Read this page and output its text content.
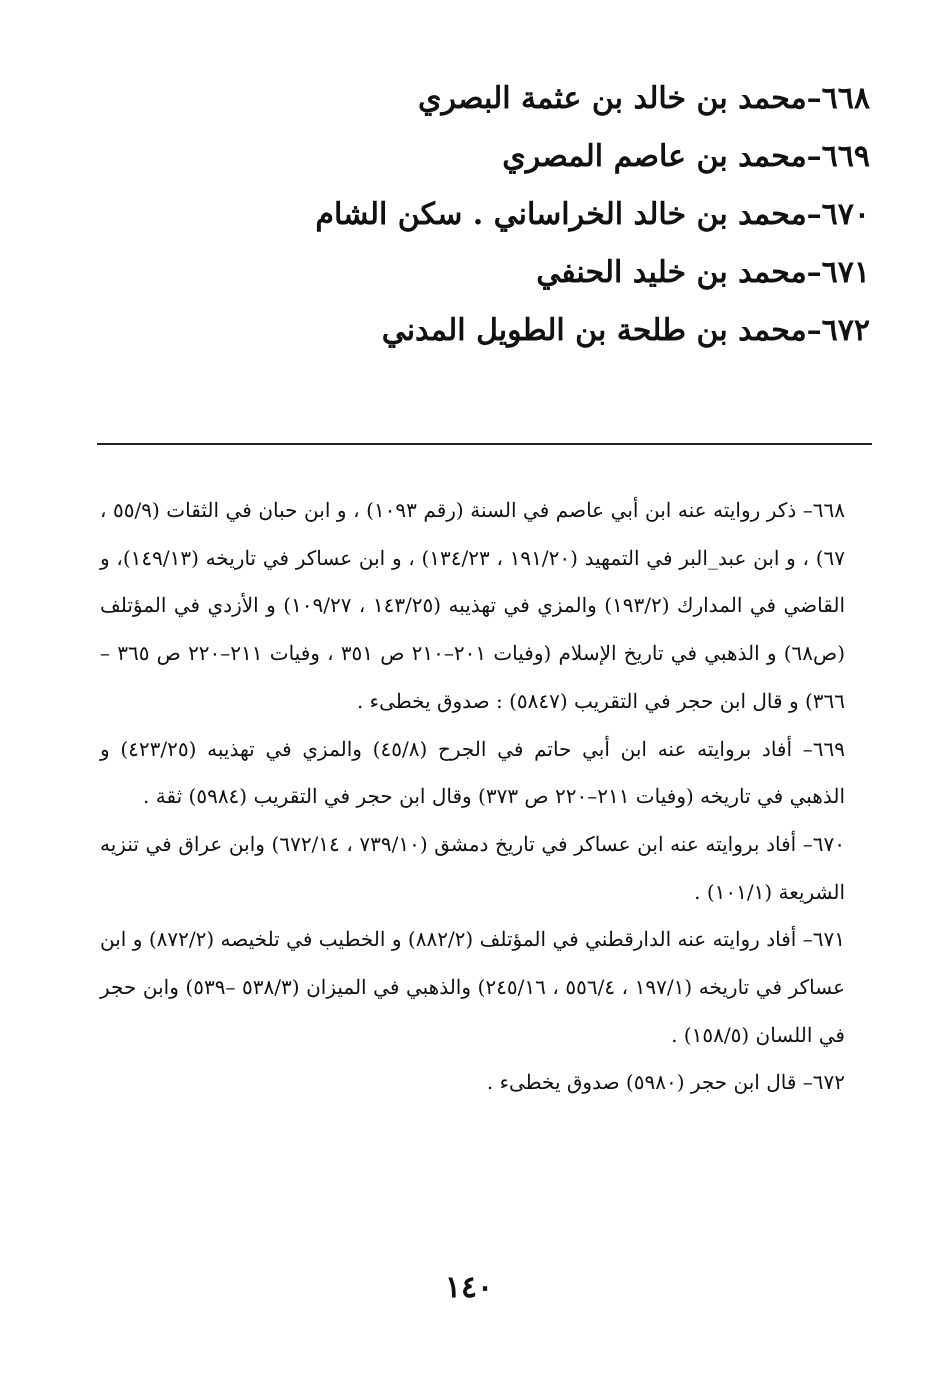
٦٦٨–محمد بن خالد بن عثمة البصري
٦٦٩–محمد بن عاصم المصري
٦٧٠–محمد بن خالد الخراساني . سكن الشام
٦٧١–محمد بن خليد الحنفي
٦٧٢–محمد بن طلحة بن الطويل المدني

٦٦٨– ذكر روايته عنه ابن أبي عاصم في السنة (رقم ١٠٩٣) ، و ابن حبان في الثقات (٥٥/٩ ، ٦٧) ، و ابن عبد_البر في التمهيد (١٩١/٢٠ ، ١٣٤/٢٣) ، و ابن عساكر في تاريخه (١٤٩/١٣)، و القاضي في المدارك (١٩٣/٢) والمزي في تهذيبه (١٤٣/٢٥ ، ١٠٩/٢٧) و الأزدي في المؤتلف (ص٦٨) و الذهبي في تاريخ الإسلام (وفيات ٢٠١–٢١٠ ص ٣٥١ ، وفيات ٢١١–٢٢٠ ص ٣٦٥ –٣٦٦) و قال ابن حجر في التقريب (٥٨٤٧) : صدوق يخطىء .

٦٦٩– أفاد بروايته عنه ابن أبي حاتم في الجرح (٤٥/٨) والمزي في تهذيبه (٤٢٣/٢٥) و الذهبي في تاريخه (وفيات ٢١١–٢٢٠ ص ٣٧٣) وقال ابن حجر في التقريب (٥٩٨٤) ثقة .

٦٧٠– أفاد بروايته عنه ابن عساكر في تاريخ دمشق (٧٣٩/١٠ ، ٦٧٢/١٤) وابن عراق في تنزيه الشريعة (١٠١/١) .

٦٧١– أفاد روايته عنه الدارقطني في المؤتلف (٨٨٢/٢) و الخطيب في تلخيصه (٨٧٢/٢) و ابن عساكر في تاريخه (١٩٧/١ ، ٥٥٦/٤ ، ٢٤٥/١٦) والذهبي في الميزان (٥٣٨/٣ –٥٣٩) وابن حجر في اللسان (١٥٨/٥) .

٦٧٢– قال ابن حجر (٥٩٨٠) صدوق يخطىء .

١٤٠
